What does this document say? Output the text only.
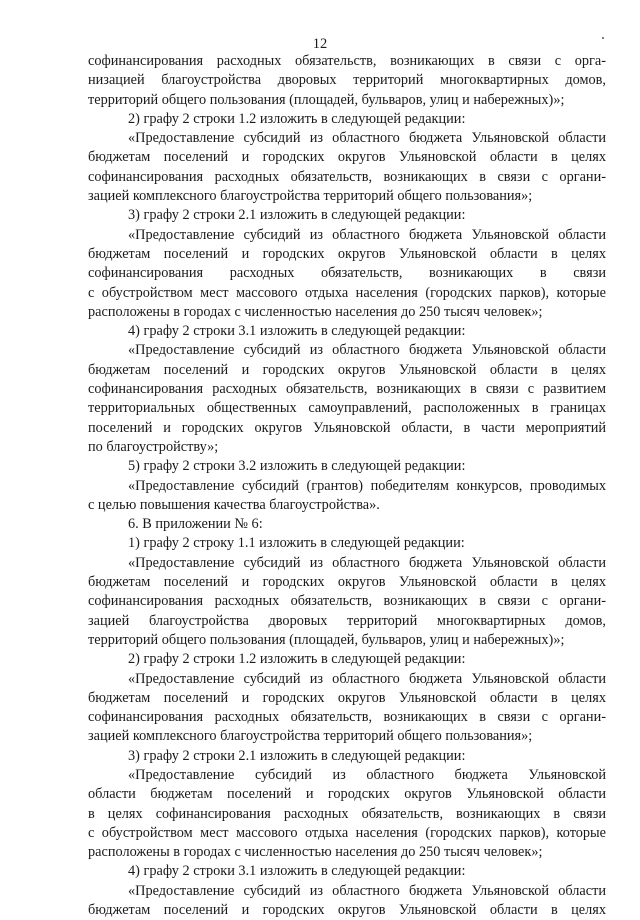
12
софинансирования расходных обязательств, возникающих в связи с орга-
низацией благоустройства дворовых территорий многоквартирных домов,
территорий общего пользования (площадей, бульваров, улиц и набережных)»;
2) графу 2 строки 1.2 изложить в следующей редакции:
«Предоставление субсидий из областного бюджета Ульяновской области
бюджетам поселений и городских округов Ульяновской области в целях
софинансирования расходных обязательств, возникающих в связи с органи-
зацией комплексного благоустройства территорий общего пользования»;
3) графу 2 строки 2.1 изложить в следующей редакции:
«Предоставление субсидий из областного бюджета Ульяновской области
бюджетам поселений и городских округов Ульяновской области в целях
софинансирования расходных обязательств, возникающих в связи
с обустройством мест массового отдыха населения (городских парков), которые
расположены в городах с численностью населения до 250 тысяч человек»;
4) графу 2 строки 3.1 изложить в следующей редакции:
«Предоставление субсидий из областного бюджета Ульяновской области
бюджетам поселений и городских округов Ульяновской области в целях
софинансирования расходных обязательств, возникающих в связи с развитием
территориальных общественных самоуправлений, расположенных в границах
поселений и городских округов Ульяновской области, в части мероприятий
по благоустройству»;
5) графу 2 строки 3.2 изложить в следующей редакции:
«Предоставление субсидий (грантов) победителям конкурсов, проводимых
с целью повышения качества благоустройства».
6. В приложении № 6:
1) графу 2 строку 1.1 изложить в следующей редакции:
«Предоставление субсидий из областного бюджета Ульяновской области
бюджетам поселений и городских округов Ульяновской области в целях
софинансирования расходных обязательств, возникающих в связи с органи-
зацией благоустройства дворовых территорий многоквартирных домов,
территорий общего пользования (площадей, бульваров, улиц и набережных)»;
2) графу 2 строки 1.2 изложить в следующей редакции:
«Предоставление субсидий из областного бюджета Ульяновской области
бюджетам поселений и городских округов Ульяновской области в целях
софинансирования расходных обязательств, возникающих в связи с органи-
зацией комплексного благоустройства территорий общего пользования»;
3) графу 2 строки 2.1 изложить в следующей редакции:
«Предоставление субсидий из областного бюджета Ульяновской
области бюджетам поселений и городских округов Ульяновской области
в целях софинансирования расходных обязательств, возникающих в связи
с обустройством мест массового отдыха населения (городских парков), которые
расположены в городах с численностью населения до 250 тысяч человек»;
4) графу 2 строки 3.1 изложить в следующей редакции:
«Предоставление субсидий из областного бюджета Ульяновской области
бюджетам поселений и городских округов Ульяновской области в целях
